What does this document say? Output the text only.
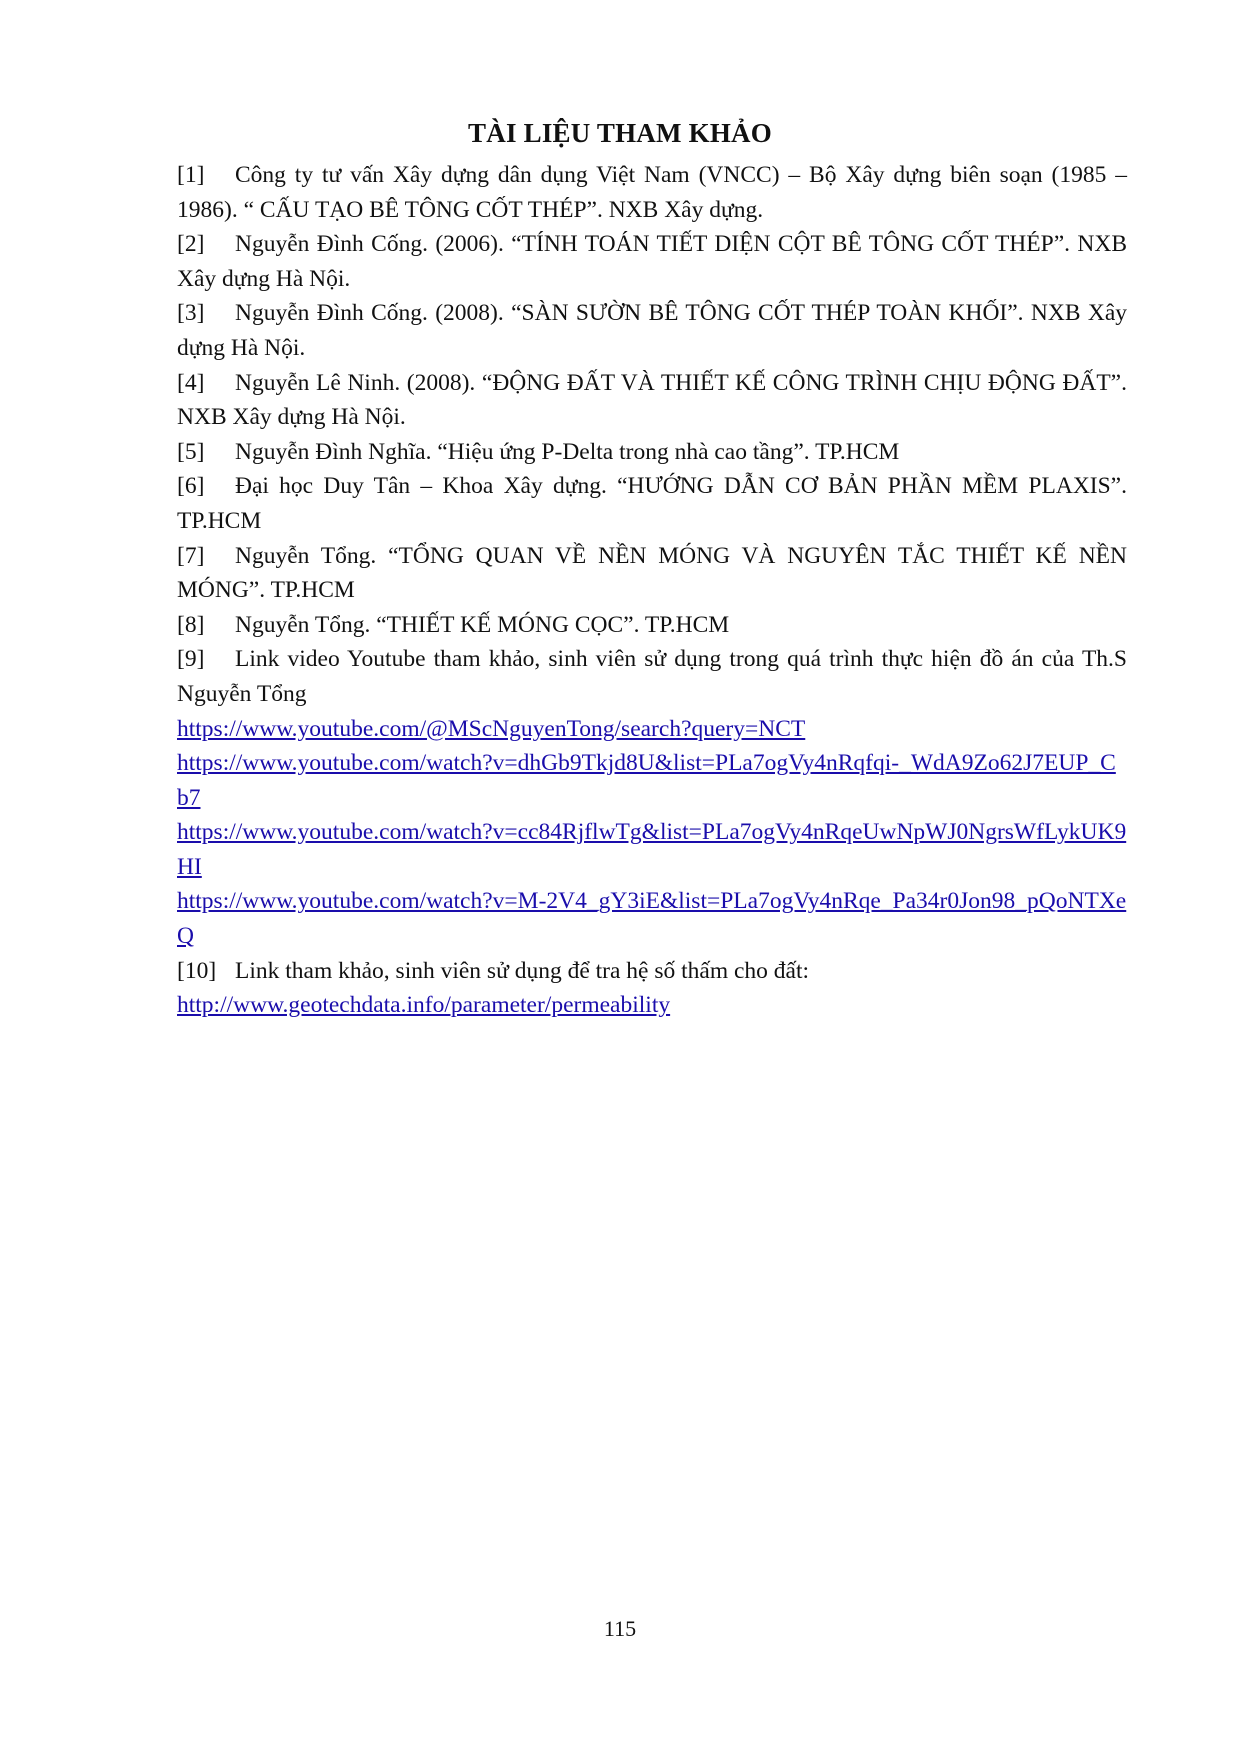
TÀI LIỆU THAM KHẢO
[1] Công ty tư vấn Xây dựng dân dụng Việt Nam (VNCC) – Bộ Xây dựng biên soạn (1985 – 1986). “ CẤU TẠO BÊ TÔNG CỐT THÉP”. NXB Xây dựng.
[2] Nguyễn Đình Cống. (2006). “TÍNH TOÁN TIẾT DIỆN CỘT BÊ TÔNG CỐT THÉP”. NXB Xây dựng Hà Nội.
[3] Nguyễn Đình Cống. (2008). “SÀN SƯỜN BÊ TÔNG CỐT THÉP TOÀN KHỐI”. NXB Xây dựng Hà Nội.
[4] Nguyễn Lê Ninh. (2008). “ĐỘNG ĐẤT VÀ THIẾT KẾ CÔNG TRÌNH CHỊU ĐỘNG ĐẤT”. NXB Xây dựng Hà Nội.
[5] Nguyễn Đình Nghĩa. “Hiệu ứng P-Delta trong nhà cao tầng”. TP.HCM
[6] Đại học Duy Tân – Khoa Xây dựng. “HƯỚNG DẪN CƠ BẢN PHẦN MỀM PLAXIS”. TP.HCM
[7] Nguyễn Tổng. “TỔNG QUAN VỀ NỀN MÓNG VÀ NGUYÊN TẮC THIẾT KẾ NỀN MÓNG”. TP.HCM
[8] Nguyễn Tổng. “THIẾT KẾ MÓNG CỌC”. TP.HCM
[9] Link video Youtube tham khảo, sinh viên sử dụng trong quá trình thực hiện đồ án của Th.S Nguyễn Tổng
https://www.youtube.com/@MScNguyenTong/search?query=NCT
https://www.youtube.com/watch?v=dhGb9Tkjd8U&list=PLa7ogVy4nRqfqi-_WdA9Zo62J7EUP_Cb7
https://www.youtube.com/watch?v=cc84RjflwTg&list=PLa7ogVy4nRqeUwNpWJ0NgrsWfLykUK9HI
https://www.youtube.com/watch?v=M-2V4_gY3iE&list=PLa7ogVy4nRqe_Pa34r0Jon98_pQoNTXeQ
[10] Link tham khảo, sinh viên sử dụng để tra hệ số thấm cho đất:
http://www.geotechdata.info/parameter/permeability
115
